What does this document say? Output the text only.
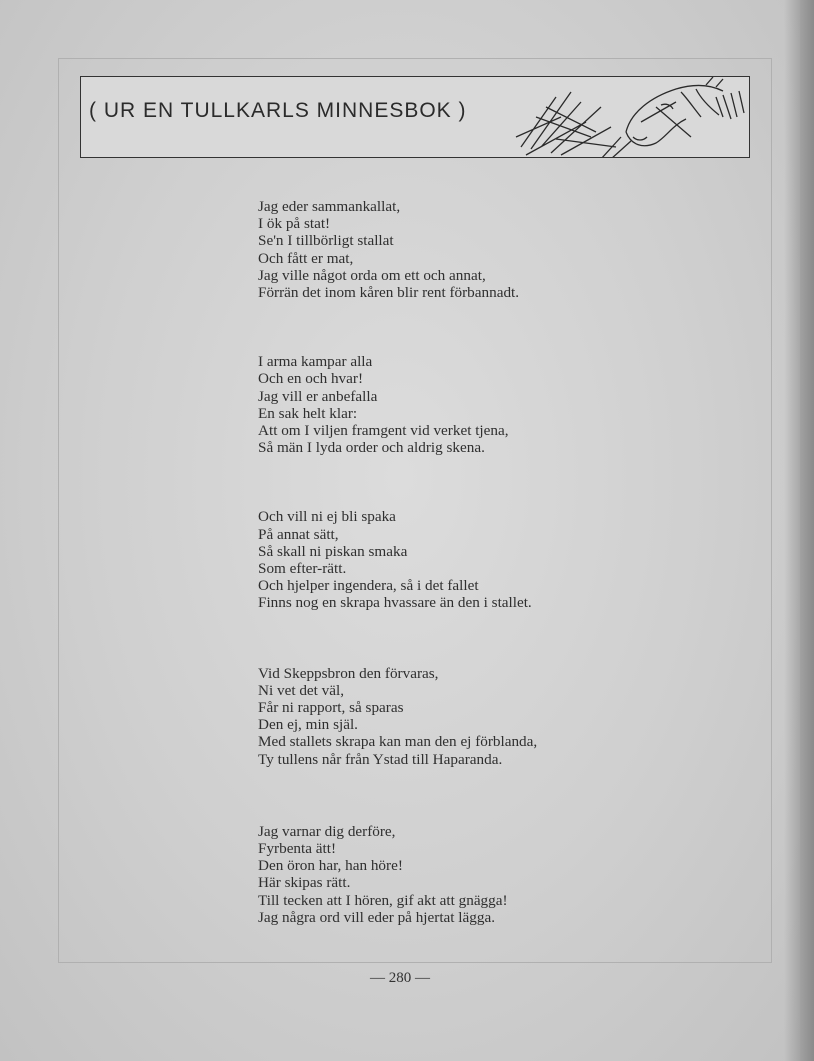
( UR EN TULLKARLS MINNESBOK )
Jag eder sammankallat,
I ök på stat!
Se'n I tillbörligt stallat
Och fått er mat,
Jag ville något orda om ett och annat,
Förrän det inom kåren blir rent förbannadt.
I arma kampar alla
Och en och hvar!
Jag vill er anbefalla
En sak helt klar:
Att om I viljen framgent vid verket tjena,
Så män I lyda order och aldrig skena.
Och vill ni ej bli spaka
På annat sätt,
Så skall ni piskan smaka
Som efter-rätt.
Och hjelper ingendera, så i det fallet
Finns nog en skrapa hvassare än den i stallet.
Vid Skeppsbron den förvaras,
Ni vet det väl,
Får ni rapport, så sparas
Den ej, min själ.
Med stallets skrapa kan man den ej förblanda,
Ty tullens når från Ystad till Haparanda.
Jag varnar dig derföre,
Fyrbenta ätt!
Den öron har, han höre!
Här skipas rätt.
Till tecken att I hören, gif akt att gnägga!
Jag några ord vill eder på hjertat lägga.
— 280 —
